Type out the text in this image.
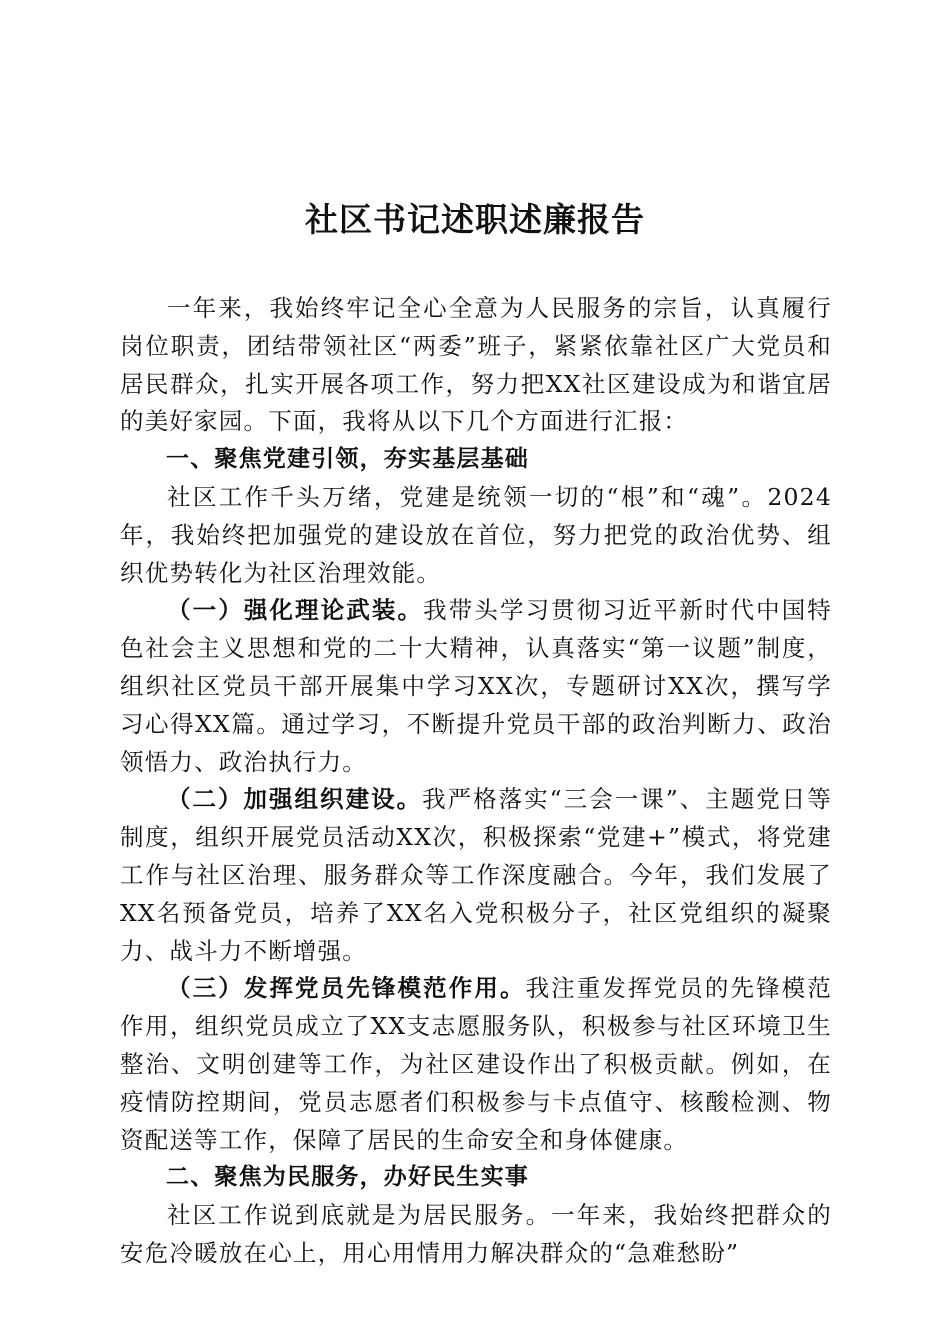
社区书记述职述廉报告

一年来，我始终牢记全心全意为人民服务的宗旨，认真履行岗位职责，团结带领社区“两委”班子，紧紧依靠社区广大党员和居民群众，扎实开展各项工作，努力把XX社区建设成为和谐宜居的美好家园。下面，我将从以下几个方面进行汇报：

一、聚焦党建引领，夯实基层基础

社区工作千头万绪，党建是统领一切的“根”和“魂”。2024年，我始终把加强党的建设放在首位，努力把党的政治优势、组织优势转化为社区治理效能。

（一）强化理论武装。我带头学习贯彻习近平新时代中国特色社会主义思想和党的二十大精神，认真落实“第一议题”制度，组织社区党员干部开展集中学习XX次，专题研讨XX次，撰写学习心得XX篇。通过学习，不断提升党员干部的政治判断力、政治领悟力、政治执行力。

（二）加强组织建设。我严格落实“三会一课”、主题党日等制度，组织开展党员活动XX次，积极探索“党建+”模式，将党建工作与社区治理、服务群众等工作深度融合。今年，我们发展了XX名预备党员，培养了XX名入党积极分子，社区党组织的凝聚力、战斗力不断增强。

（三）发挥党员先锋模范作用。我注重发挥党员的先锋模范作用，组织党员成立了XX支志愿服务队，积极参与社区环境卫生整治、文明创建等工作，为社区建设作出了积极贡献。例如，在疫情防控期间，党员志愿者们积极参与卡点值守、核酸检测、物资配送等工作，保障了居民的生命安全和身体健康。

二、聚焦为民服务，办好民生实事

社区工作说到底就是为居民服务。一年来，我始终把群众的安危冷暖放在心上，用心用情用力解决群众的“急难愁盼”
